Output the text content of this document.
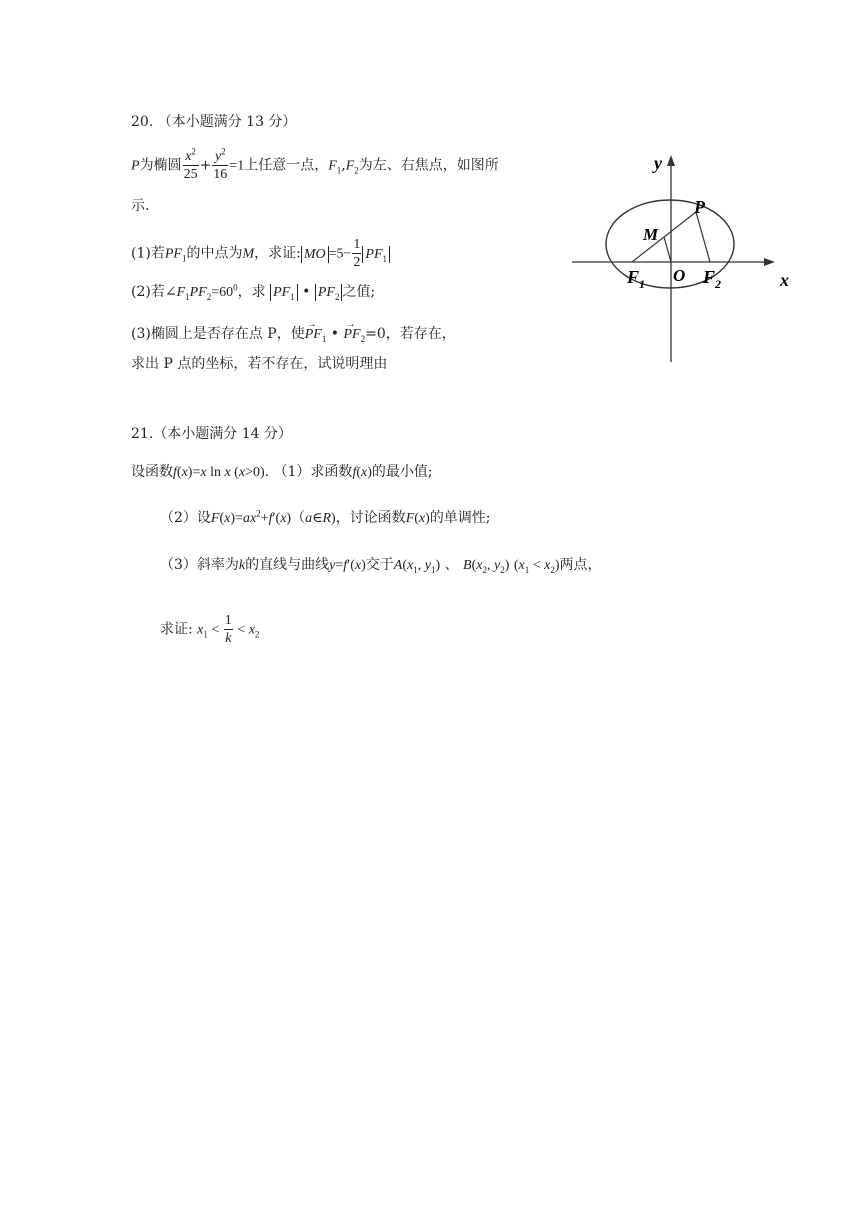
20. （本小题满分 13 分）
P为椭圆 $\frac{x^2}{25} + \frac{y^2}{16} =1$上任意一点，$F_1,F_2$为左、右焦点，如图所
示.
(1)若$PF_1$的中点为M，求证: MO $=5- \frac{1}{2} PF_1$
(2)若$\angle F_1PF_2=60^0$，求 $PF_1$ • $PF_2$ 之值;
(3)椭圆上是否存在点 P，使→ $PF_1$ • → $PF_2=0$，若存在，
求出 P 点的坐标，若不存在，试说明理由
y
x
P
M
O
$F_1$	$F_2$
21.（本小题满分 14 分）
设函数f(x)=x ln x (x>0). （1）求函数f(x)的最小值;
（2）设$F(x)=ax^2+f'(x)(a\in R)$，讨论函数F(x)的单调性;
（3）斜率为k的直线与曲线y=f′(x)交于$A(x_1$, $y_1$) 、 $B(x_2$, $y_2$) $(x_1 < x_2)$两点，
求证: $x_1 < \frac{1}{k} < x_2$
